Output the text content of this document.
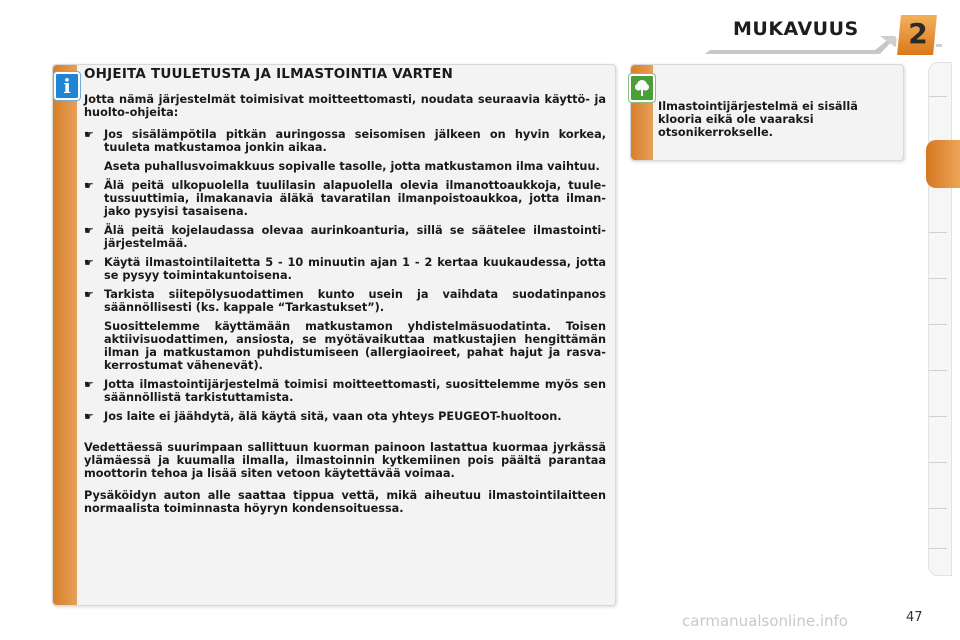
MUKAVUUS 2
i OHJEITA TUULETUSTA JA ILMASTOINTIA VARTEN
Jotta nämä järjestelmät toimisivat moitteettomasti, noudata seuraavia käyttö- ja huolto-ohjeita:
☛ Jos sisälämpötila pitkän auringossa seisomisen jälkeen on hyvin korkea, tuuleta matkustamoa jonkin aikaa.
Aseta puhallusvoimakkuus sopivalle tasolle, jotta matkustamon ilma vaihtuu.
☛ Älä peitä ulkopuolella tuulilasin alapuolella olevia ilmanottoaukkoja, tuule-tussuuttimia, ilmakanavia äläkä tavaratilan ilmanpoistoaukkoa, jotta ilman-jako pysyisi tasaisena.
☛ Älä peitä kojelaudassa olevaa aurinkoanturia, sillä se säätelee ilmastointi-järjestelmää.
☛ Käytä ilmastointilaitetta 5 - 10 minuutin ajan 1 - 2 kertaa kuukaudessa, jotta se pysyy toimintakuntoisena.
☛ Tarkista siitepölysuodattimen kunto usein ja vaihdata suodatinpanos säännöllisesti (ks. kappale “Tarkastukset”).
Suosittelemme käyttämään matkustamon yhdistelmäsuodatinta. Toisen aktiivisuodattimen, ansiosta, se myötävaikuttaa matkustajien hengittämän ilman ja matkustamon puhdistumiseen (allergiaoireet, pahat hajut ja rasva-kerrostumat vähenevät).
☛ Jotta ilmastointijärjestelmä toimisi moitteettomasti, suosittelemme myös sen säännöllistä tarkistuttamista.
☛ Jos laite ei jäähdytä, älä käytä sitä, vaan ota yhteys PEUGEOT-huoltoon.
Vedettäessä suurimpaan sallittuun kuorman painoon lastattua kuormaa jyrkässä ylämäessä ja kuumalla ilmalla, ilmastoinnin kytkemiinen pois päältä parantaa moottorin tehoa ja lisää siten vetoon käytettävää voimaa.
Pysäköidyn auton alle saattaa tippua vettä, mikä aiheutuu ilmastointilaitteen normaalista toiminnasta höyryn kondensoituessa.
Ilmastointijärjestelmä ei sisällä klooria eikä ole vaaraksi otsonikerrokselle.
carmanualsonline.info	47
